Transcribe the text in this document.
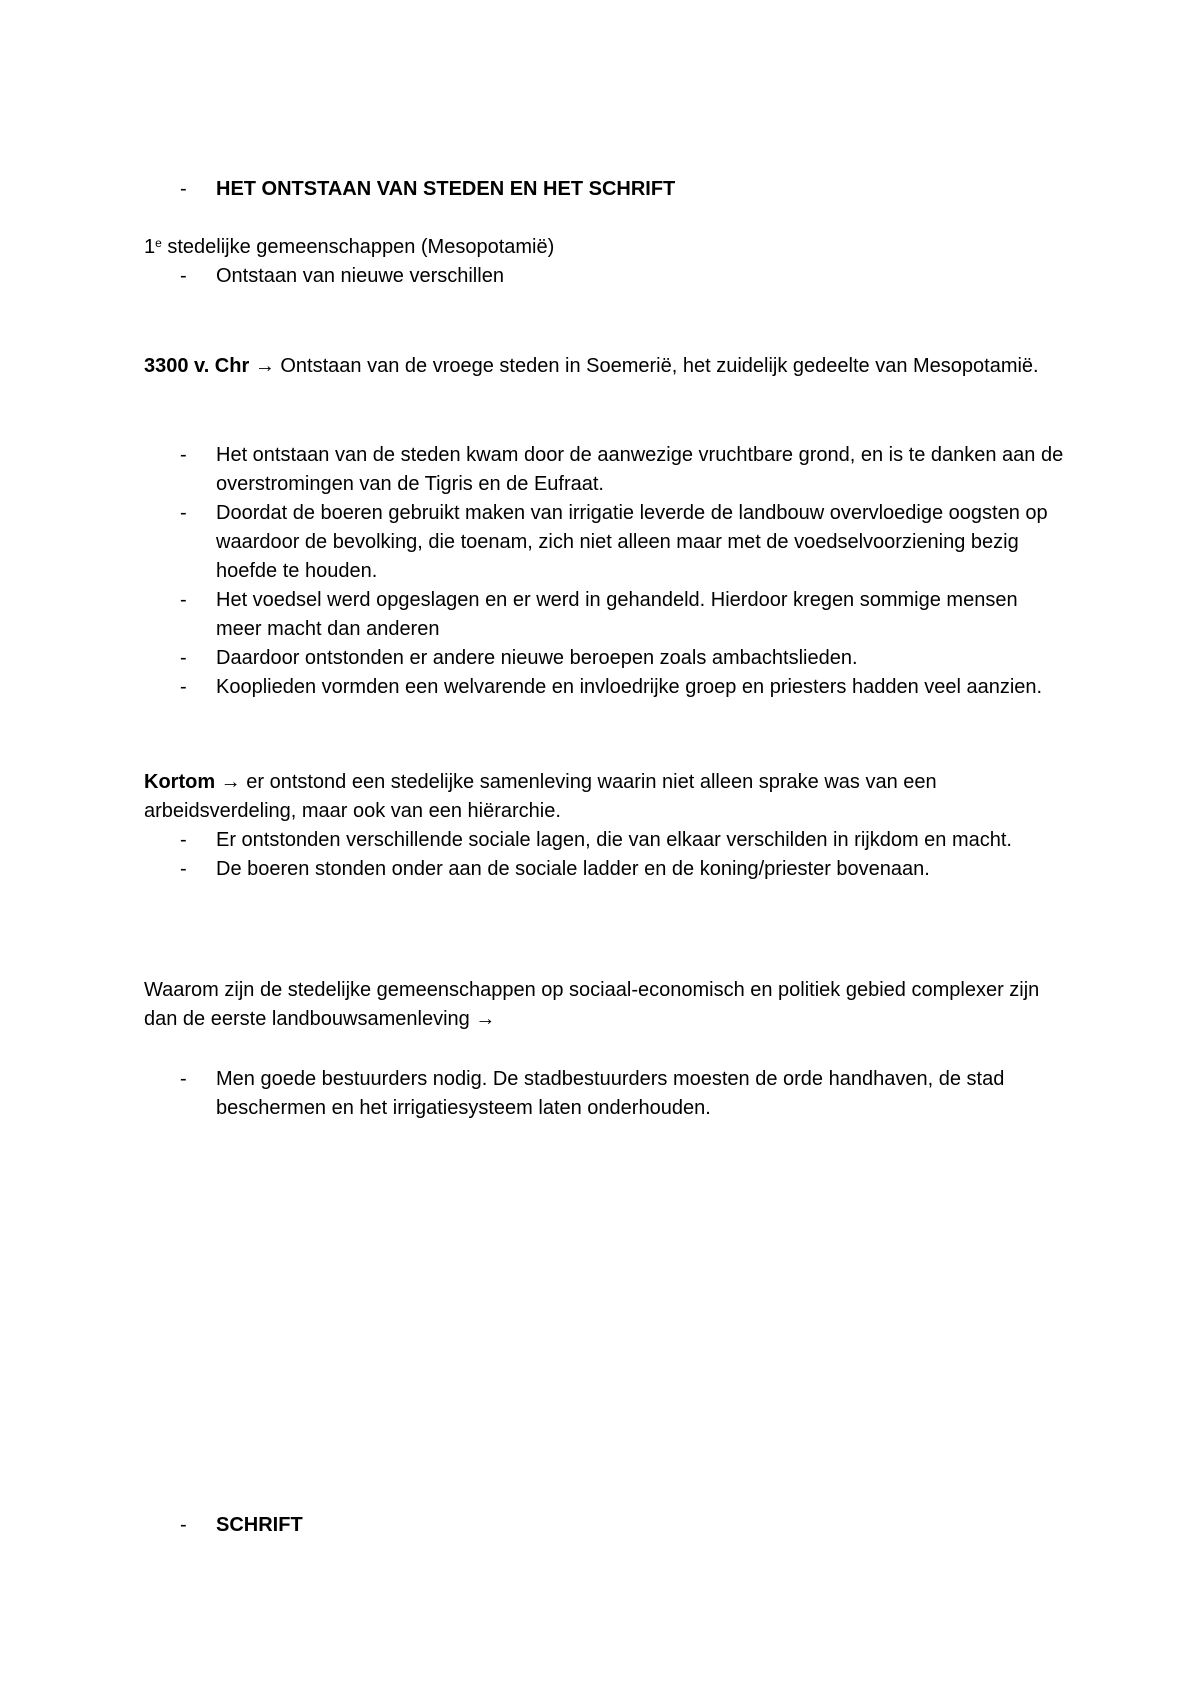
- HET ONTSTAAN VAN STEDEN EN HET SCHRIFT

1e stedelijke gemeenschappen (Mesopotamië)

- Ontstaan van nieuwe verschillen

3300 v. Chr → Ontstaan van de vroege steden in Soemerië, het zuidelijk gedeelte van Mesopotamië.

- Het ontstaan van de steden kwam door de aanwezige vruchtbare grond, en is te danken aan de overstromingen van de Tigris en de Eufraat.
- Doordat de boeren gebruikt maken van irrigatie leverde de landbouw overvloedige oogsten op waardoor de bevolking, die toenam, zich niet alleen maar met de voedselvoorziening bezig hoefde te houden.
- Het voedsel werd opgeslagen en er werd in gehandeld. Hierdoor kregen sommige mensen meer macht dan anderen
- Daardoor ontstonden er andere nieuwe beroepen zoals ambachtslieden.
- Kooplieden vormden een welvarende en invloedrijke groep en priesters hadden veel aanzien.

Kortom → er ontstond een stedelijke samenleving waarin niet alleen sprake was van een arbeidsverdeling, maar ook van een hiërarchie.

- Er ontstonden verschillende sociale lagen, die van elkaar verschilden in rijkdom en macht.
- De boeren stonden onder aan de sociale ladder en de koning/priester bovenaan.

Waarom zijn de stedelijke gemeenschappen op sociaal-economisch en politiek gebied complexer zijn dan de eerste landbouwsamenleving →

- Men goede bestuurders nodig. De stadbestuurders moesten de orde handhaven, de stad beschermen en het irrigatiesysteem laten onderhouden.
- SCHRIFT
